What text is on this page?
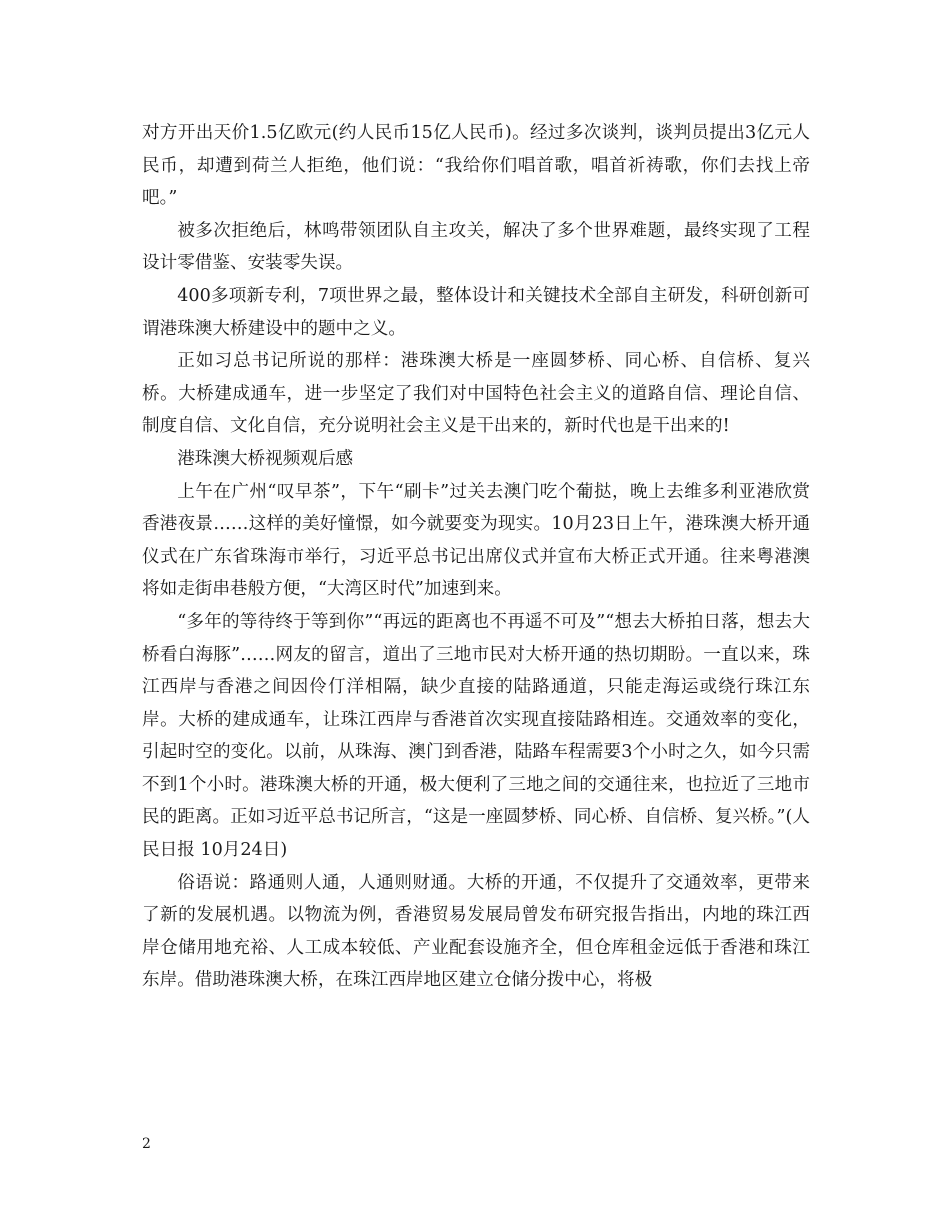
对方开出天价1.5亿欧元(约人民币15亿人民币)。经过多次谈判，谈判员提出3亿元人民币，却遭到荷兰人拒绝，他们说：“我给你们唱首歌，唱首祈祷歌，你们去找上帝吧。”

被多次拒绝后，林鸣带领团队自主攻关，解决了多个世界难题，最终实现了工程设计零借鉴、安装零失误。

400多项新专利，7项世界之最，整体设计和关键技术全部自主研发，科研创新可谓港珠澳大桥建设中的题中之义。

正如习总书记所说的那样：港珠澳大桥是一座圆梦桥、同心桥、自信桥、复兴桥。大桥建成通车，进一步坚定了我们对中国特色社会主义的道路自信、理论自信、制度自信、文化自信，充分说明社会主义是干出来的，新时代也是干出来的!

港珠澳大桥视频观后感

上午在广州“叹早茶”，下午“刷卡”过关去澳门吃个葡挞，晚上去维多利亚港欣赏香港夜景……这样的美好憧憬，如今就要变为现实。10月23日上午，港珠澳大桥开通仪式在广东省珠海市举行，习近平总书记出席仪式并宣布大桥正式开通。往来粤港澳将如走街串巷般方便，“大湾区时代”加速到来。

“多年的等待终于等到你”“再远的距离也不再遥不可及”“想去大桥拍日落，想去大桥看白海豚”……网友的留言，道出了三地市民对大桥开通的热切期盼。一直以来，珠江西岸与香港之间因伶仃洋相隔，缺少直接的陆路通道，只能走海运或绕行珠江东岸。大桥的建成通车，让珠江西岸与香港首次实现直接陆路相连。交通效率的变化，引起时空的变化。以前，从珠海、澳门到香港，陆路车程需要3个小时之久，如今只需不到1个小时。港珠澳大桥的开通，极大便利了三地之间的交通往来，也拉近了三地市民的距离。正如习近平总书记所言，“这是一座圆梦桥、同心桥、自信桥、复兴桥。”(人民日报 10月24日)

俗语说：路通则人通，人通则财通。大桥的开通，不仅提升了交通效率，更带来了新的发展机遇。以物流为例，香港贸易发展局曾发布研究报告指出，内地的珠江西岸仓储用地充裕、人工成本较低、产业配套设施齐全，但仓库租金远低于香港和珠江东岸。借助港珠澳大桥，在珠江西岸地区建立仓储分拨中心，将极

2
